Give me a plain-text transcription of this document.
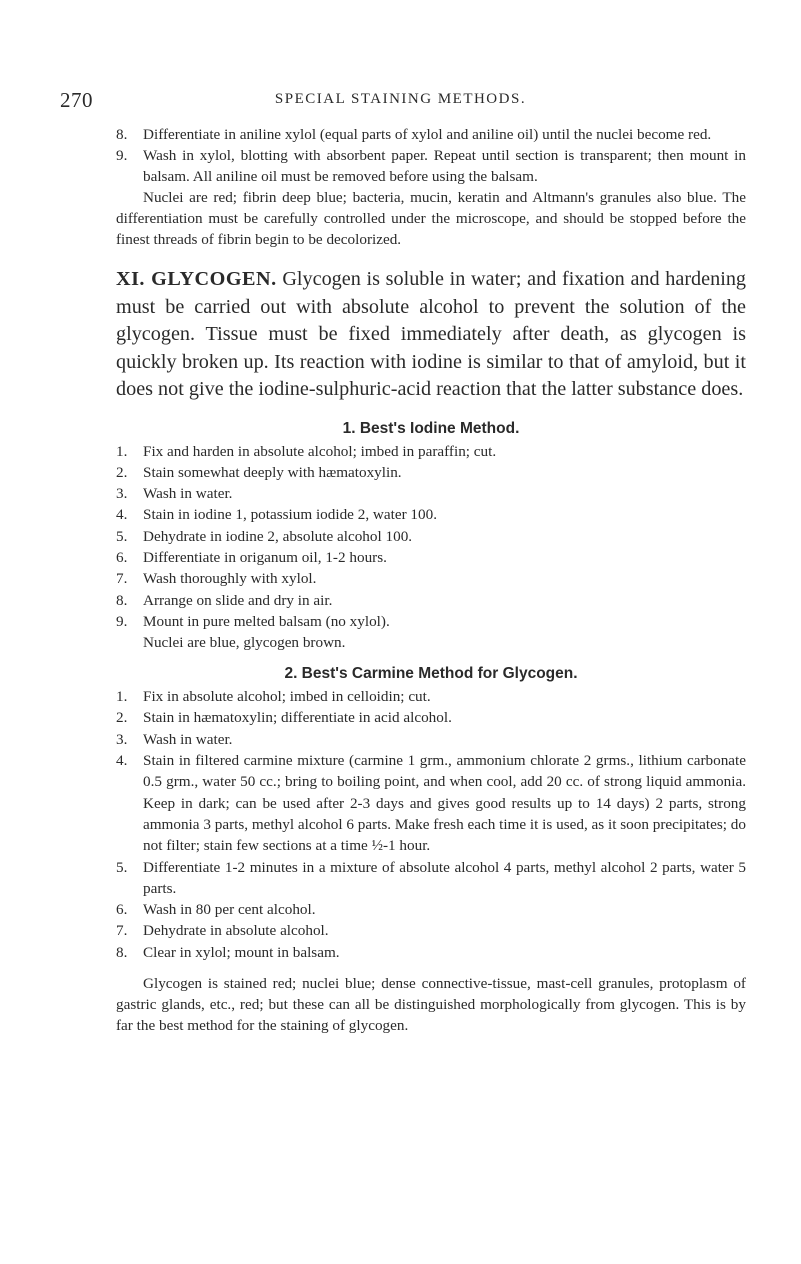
270	SPECIAL STAINING METHODS.
8. Differentiate in aniline xylol (equal parts of xylol and aniline oil) until the nuclei become red.
9. Wash in xylol, blotting with absorbent paper. Repeat until section is transparent; then mount in balsam. All aniline oil must be removed before using the balsam.
Nuclei are red; fibrin deep blue; bacteria, mucin, keratin and Altmann's granules also blue. The differentiation must be carefully controlled under the microscope, and should be stopped before the finest threads of fibrin begin to be decolorized.
XI. GLYCOGEN. Glycogen is soluble in water; and fixation and hardening must be carried out with absolute alcohol to prevent the solution of the glycogen. Tissue must be fixed immediately after death, as glycogen is quickly broken up. Its reaction with iodine is similar to that of amyloid, but it does not give the iodine-sulphuric-acid reaction that the latter substance does.
1. Best's Iodine Method.
1. Fix and harden in absolute alcohol; imbed in paraffin; cut.
2. Stain somewhat deeply with hæmatoxylin.
3. Wash in water.
4. Stain in iodine 1, potassium iodide 2, water 100.
5. Dehydrate in iodine 2, absolute alcohol 100.
6. Differentiate in origanum oil, 1-2 hours.
7. Wash thoroughly with xylol.
8. Arrange on slide and dry in air.
9. Mount in pure melted balsam (no xylol).
Nuclei are blue, glycogen brown.
2. Best's Carmine Method for Glycogen.
1. Fix in absolute alcohol; imbed in celloidin; cut.
2. Stain in hæmatoxylin; differentiate in acid alcohol.
3. Wash in water.
4. Stain in filtered carmine mixture (carmine 1 grm., ammonium chlorate 2 grms., lithium carbonate 0.5 grm., water 50 cc.; bring to boiling point, and when cool, add 20 cc. of strong liquid ammonia. Keep in dark; can be used after 2-3 days and gives good results up to 14 days) 2 parts, strong ammonia 3 parts, methyl alcohol 6 parts. Make fresh each time it is used, as it soon precipitates; do not filter; stain few sections at a time ½-1 hour.
5. Differentiate 1-2 minutes in a mixture of absolute alcohol 4 parts, methyl alcohol 2 parts, water 5 parts.
6. Wash in 80 per cent alcohol.
7. Dehydrate in absolute alcohol.
8. Clear in xylol; mount in balsam.
Glycogen is stained red; nuclei blue; dense connective-tissue, mast-cell granules, protoplasm of gastric glands, etc., red; but these can all be distinguished morphologically from glycogen. This is by far the best method for the staining of glycogen.
